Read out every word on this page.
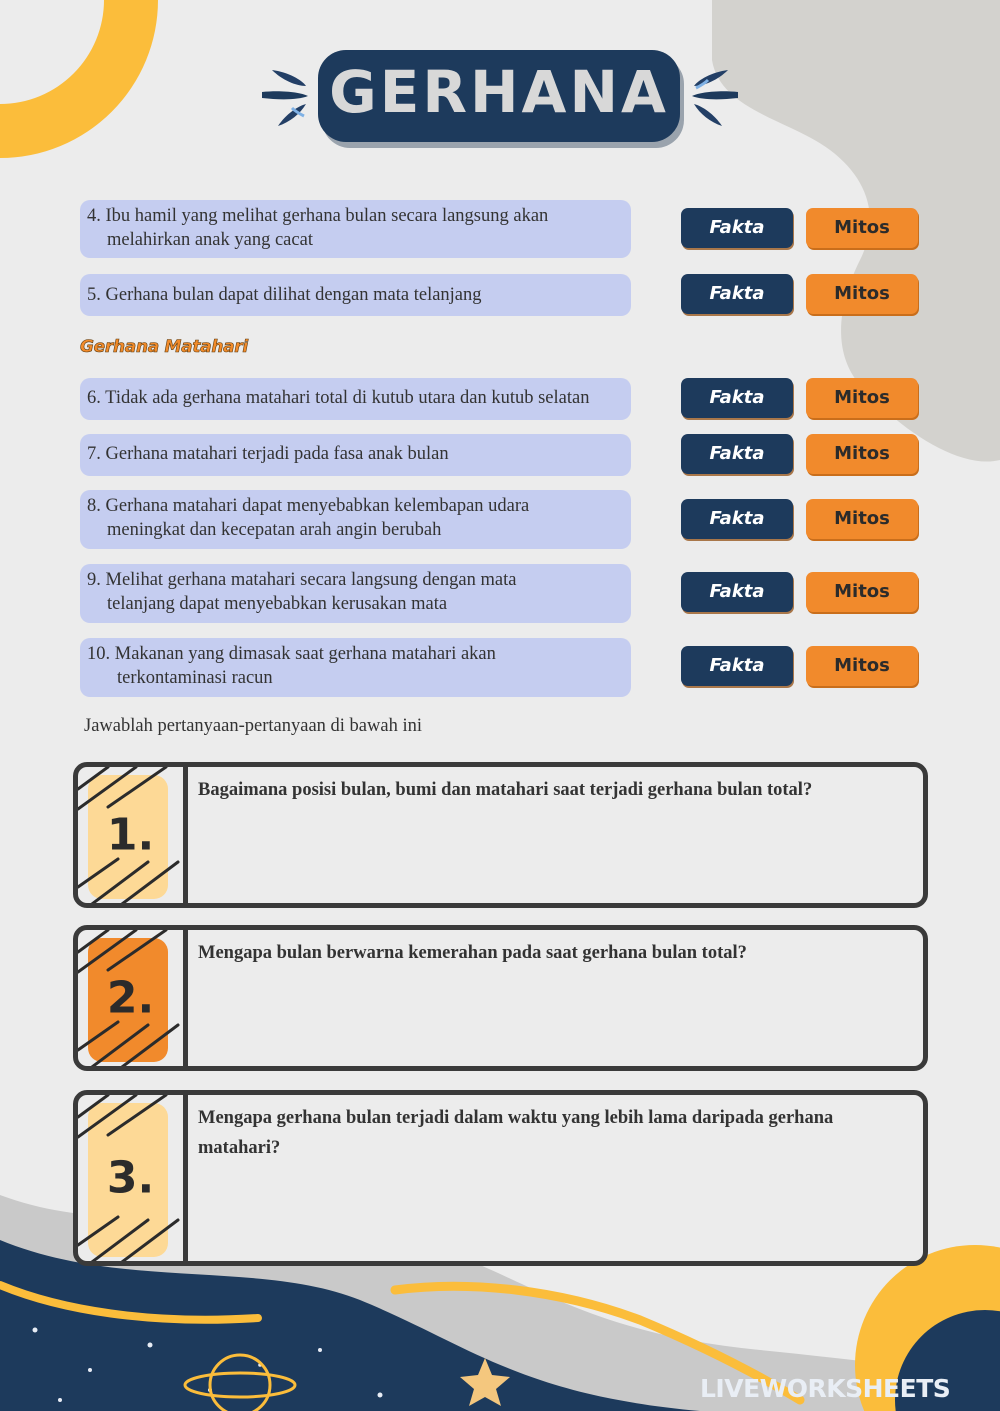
GERHANA
4. Ibu hamil yang melihat gerhana bulan secara langsung akan
melahirkan anak yang cacat
Fakta	Mitos
5. Gerhana bulan dapat dilihat dengan mata telanjang	Fakta	Mitos
Gerhana Matahari
6. Tidak ada gerhana matahari total di kutub utara dan kutub selatan	Fakta	Mitos
7. Gerhana matahari terjadi pada fasa anak bulan	Fakta	Mitos
8. Gerhana matahari dapat menyebabkan kelembapan udara
meningkat dan kecepatan arah angin berubah
Fakta	Mitos
9. Melihat gerhana matahari secara langsung dengan mata
telanjang dapat menyebabkan kerusakan mata
Fakta	Mitos
10. Makanan yang dimasak saat gerhana matahari akan
terkontaminasi racun
Fakta	Mitos
Jawablah pertanyaan-pertanyaan di bawah ini
1.
Bagaimana posisi bulan, bumi dan matahari saat terjadi gerhana bulan total?
2.
Mengapa bulan berwarna kemerahan pada saat gerhana bulan total?
3.
Mengapa gerhana bulan terjadi dalam waktu yang lebih lama daripada gerhana matahari?
LIVEWORKSHEETS
